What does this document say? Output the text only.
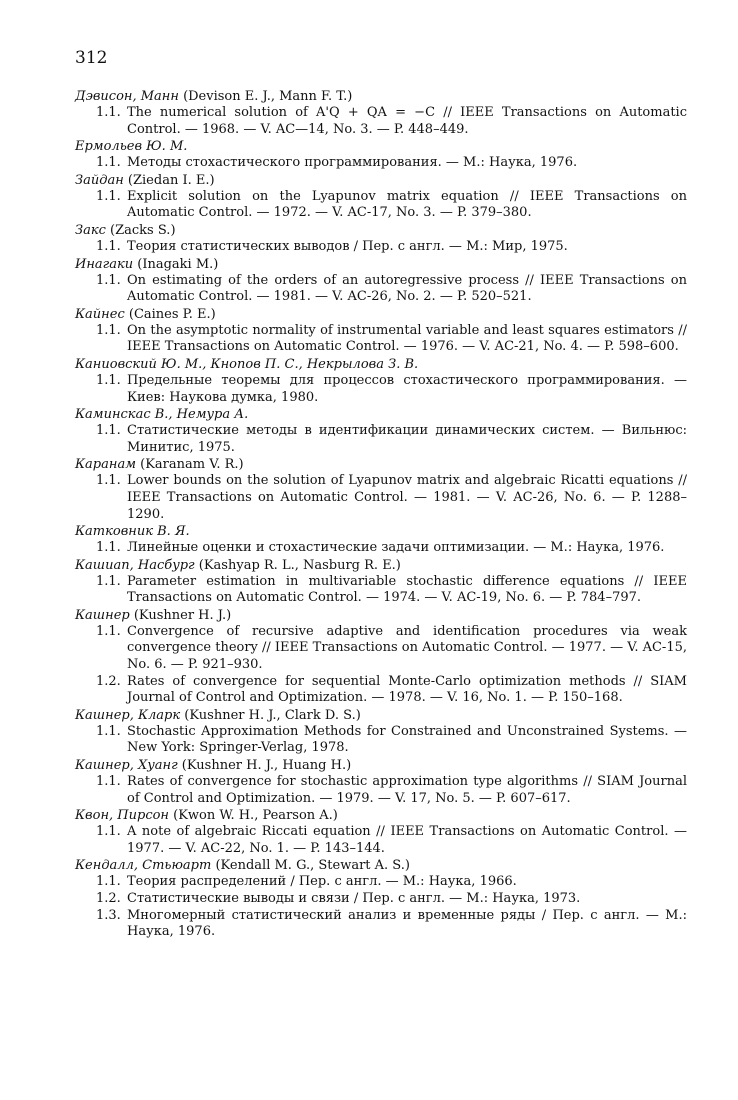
312
Дэвисон, Манн (Devison E. J., Mann F. T.)
1.1. The numerical solution of A'Q + QA = −C // IEEE Transactions on Automatic Control. — 1968. — V. AC—14, No. 3. — P. 448–449.
Ермольев Ю. М.
1.1. Методы стохастического программирования. — М.: Наука, 1976.
Зайдан (Ziedan I. E.)
1.1. Explicit solution on the Lyapunov matrix equation // IEEE Transactions on Automatic Control. — 1972. — V. AC-17, No. 3. — P. 379–380.
Закс (Zacks S.)
1.1. Теория статистических выводов / Пер. с англ. — М.: Мир, 1975.
Инагаки (Inagaki M.)
1.1. On estimating of the orders of an autoregressive process // IEEE Transactions on Automatic Control. — 1981. — V. AC-26, No. 2. — P. 520–521.
Кайнес (Caines P. E.)
1.1. On the asymptotic normality of instrumental variable and least squares estimators // IEEE Transactions on Automatic Control. — 1976. — V. AC-21, No. 4. — P. 598–600.
Каниовский Ю. М., Кнопов П. С., Некрылова З. В.
1.1. Предельные теоремы для процессов стохастического программирования. — Киев: Наукова думка, 1980.
Каминскас В., Немура А.
1.1. Статистические методы в идентификации динамических систем. — Вильнюс: Минитис, 1975.
Каранам (Karanam V. R.)
1.1. Lower bounds on the solution of Lyapunov matrix and algebraic Ricatti equations // IEEE Transactions on Automatic Control. — 1981. — V. AC-26, No. 6. — P. 1288–1290.
Катковник В. Я.
1.1. Линейные оценки и стохастические задачи оптимизации. — М.: Наука, 1976.
Кашиап, Насбург (Kashyap R. L., Nasburg R. E.)
1.1. Parameter estimation in multivariable stochastic difference equations // IEEE Transactions on Automatic Control. — 1974. — V. AC-19, No. 6. — P. 784–797.
Кашнер (Kushner H. J.)
1.1. Convergence of recursive adaptive and identification procedures via weak convergence theory // IEEE Transactions on Automatic Control. — 1977. — V. AC-15, No. 6. — P. 921–930.
1.2. Rates of convergence for sequential Monte-Carlo optimization methods // SIAM Journal of Control and Optimization. — 1978. — V. 16, No. 1. — P. 150–168.
Кашнер, Кларк (Kushner H. J., Clark D. S.)
1.1. Stochastic Approximation Methods for Constrained and Unconstrained Systems. — New York: Springer-Verlag, 1978.
Кашнер, Хуанг (Kushner H. J., Huang H.)
1.1. Rates of convergence for stochastic approximation type algorithms // SIAM Journal of Control and Optimization. — 1979. — V. 17, No. 5. — P. 607–617.
Квон, Пирсон (Kwon W. H., Pearson A.)
1.1. A note of algebraic Riccati equation // IEEE Transactions on Automatic Control. — 1977. — V. AC-22, No. 1. — P. 143–144.
Кендалл, Стьюарт (Kendall M. G., Stewart A. S.)
1.1. Теория распределений / Пер. с англ. — М.: Наука, 1966.
1.2. Статистические выводы и связи / Пер. с англ. — М.: Наука, 1973.
1.3. Многомерный статистический анализ и временные ряды / Пер. с англ. — М.: Наука, 1976.
